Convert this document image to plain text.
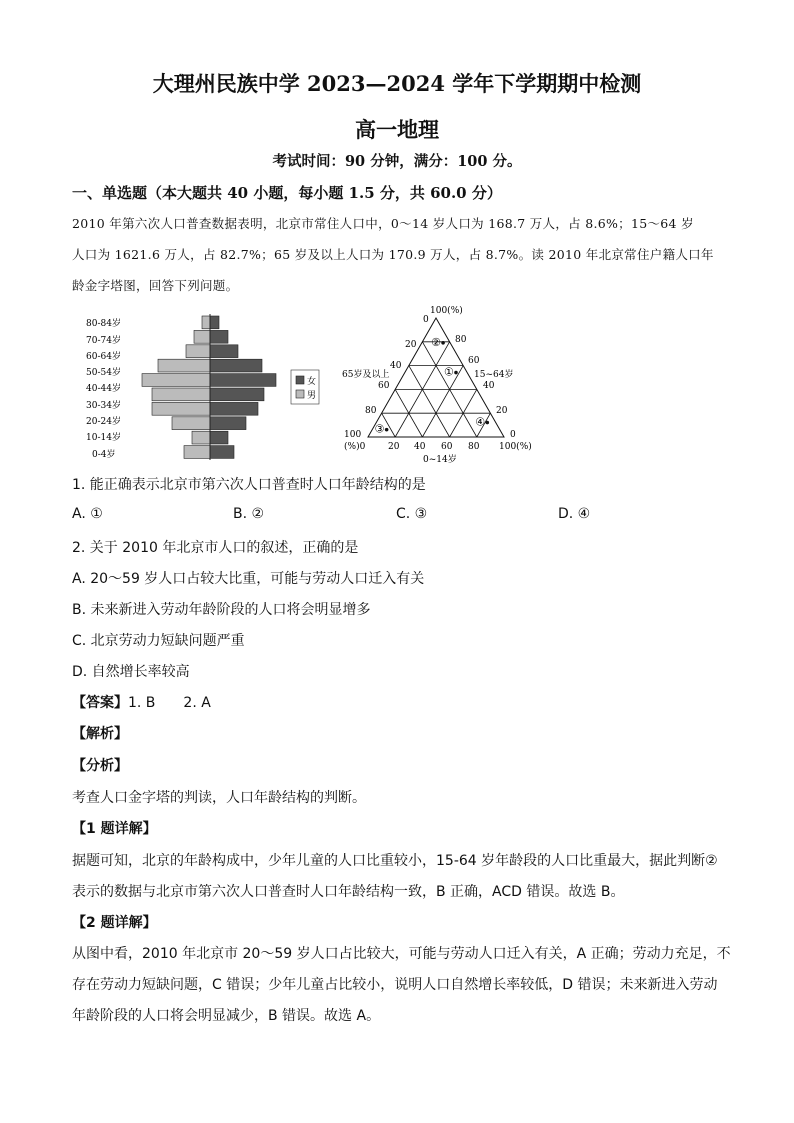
大理州民族中学 2023—2024 学年下学期期中检测
高一地理
考试时间：90 分钟，满分：100 分。
一、单选题（本大题共 40 小题，每小题 1.5 分，共 60.0 分）
2010 年第六次人口普查数据表明，北京市常住人口中，0～14 岁人口为 168.7 万人，占 8.6%；15～64 岁
人口为 1621.6 万人，占 82.7%；65 岁及以上人口为 170.9 万人，占 8.7%。读 2010 年北京常住户籍人口年
龄金字塔图，回答下列问题。
80-84岁
70-74岁
60-64岁
50-54岁
40-44岁
30-34岁
20-24岁
10-14岁
0-4岁
女
男
100(%)
65岁及以上	15~64岁
0~14岁
0
20
40
60
80
100
80
60
40
20
0
(%)0	20 40 60 80 100(%)
①
②
③
④
1. 能正确表示北京市第六次人口普查时人口年龄结构的是
A. ①	B. ②	C. ③	D. ④
2. 关于 2010 年北京市人口的叙述，正确的是
A. 20～59 岁人口占较大比重，可能与劳动人口迁入有关
B. 未来新进入劳动年龄阶段的人口将会明显增多
C. 北京劳动力短缺问题严重
D. 自然增长率较高
【答案】1. B　　2. A
【解析】
【分析】
考查人口金字塔的判读，人口年龄结构的判断。
【1 题详解】
据题可知，北京的年龄构成中，少年儿童的人口比重较小，15-64 岁年龄段的人口比重最大，据此判断②
表示的数据与北京市第六次人口普查时人口年龄结构一致，B 正确，ACD 错误。故选 B。
【2 题详解】
从图中看，2010 年北京市 20～59 岁人口占比较大，可能与劳动人口迁入有关，A 正确；劳动力充足，不
存在劳动力短缺问题，C 错误；少年儿童占比较小，说明人口自然增长率较低，D 错误；未来新进入劳动
年龄阶段的人口将会明显减少，B 错误。故选 A。
